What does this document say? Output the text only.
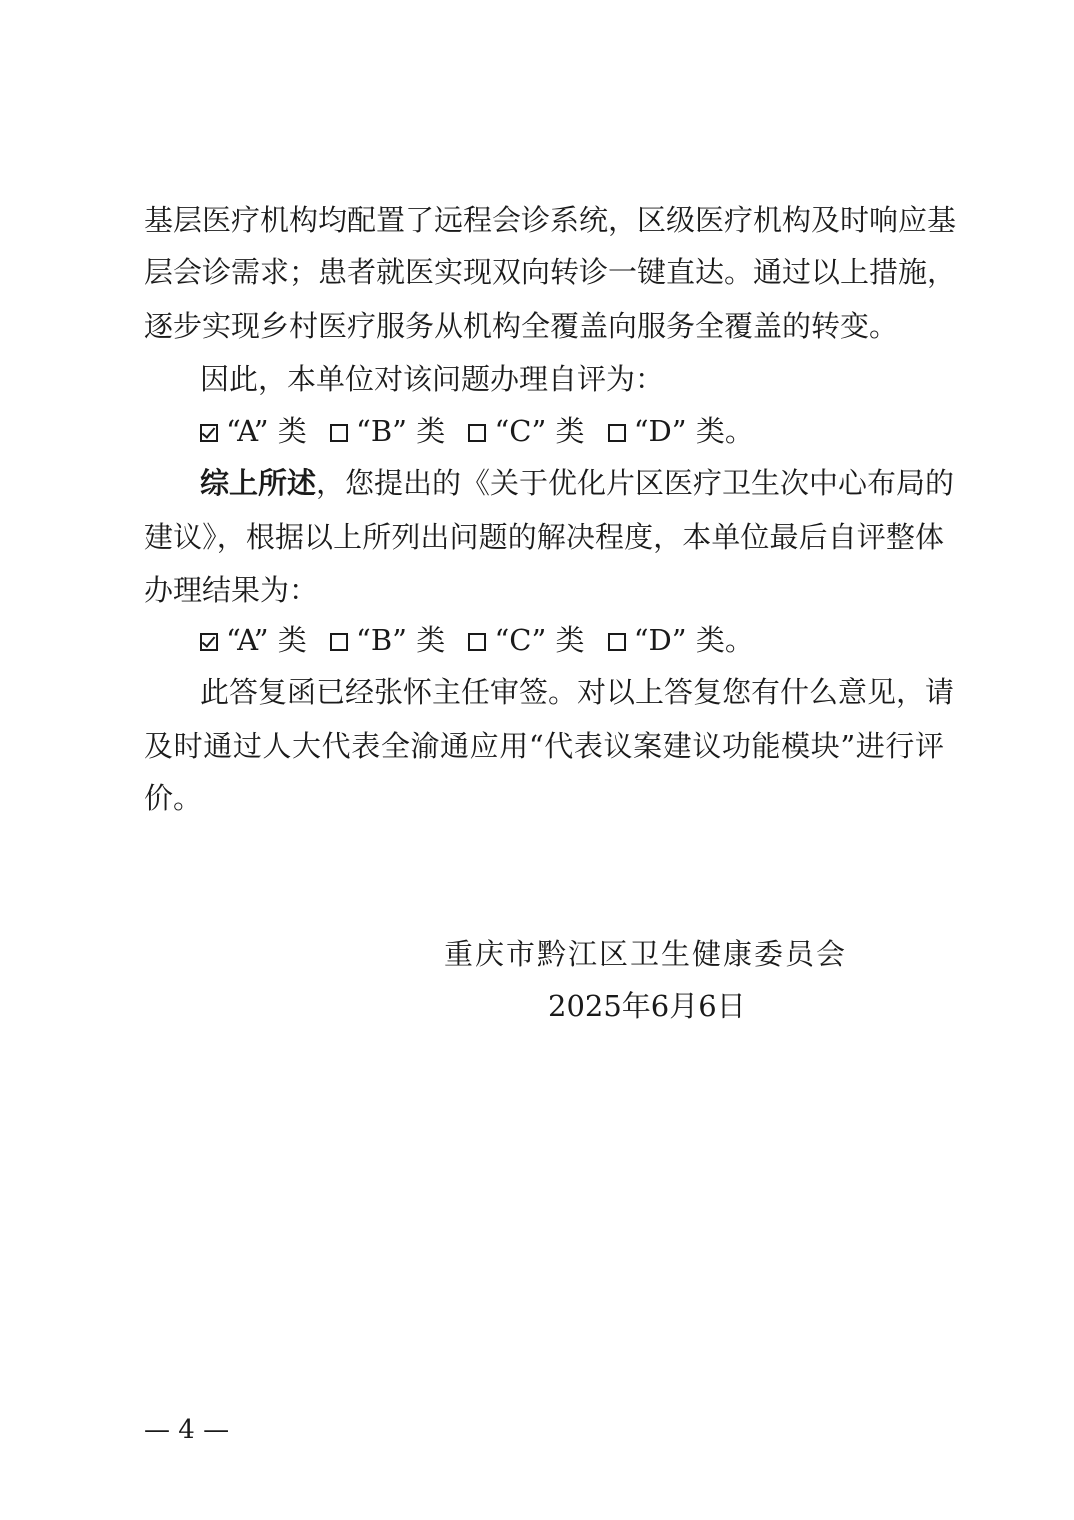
基层医疗机构均配置了远程会诊系统，区级医疗机构及时响应基
层会诊需求；患者就医实现双向转诊一键直达。通过以上措施，
逐步实现乡村医疗服务从机构全覆盖向服务全覆盖的转变。
因此，本单位对该问题办理自评为：
“A” 类 “B” 类 “C” 类 “D” 类。
综上所述，您提出的《关于优化片区医疗卫生次中心布局的
建议》，根据以上所列出问题的解决程度，本单位最后自评整体
办理结果为：
“A” 类 “B” 类 “C” 类 “D” 类。
此答复函已经张怀主任审签。对以上答复您有什么意见，请
及时通过人大代表全渝通应用“代表议案建议功能模块”进行评
价。
重庆市黔江区卫生健康委员会
2025年6月6日
— 4 —
